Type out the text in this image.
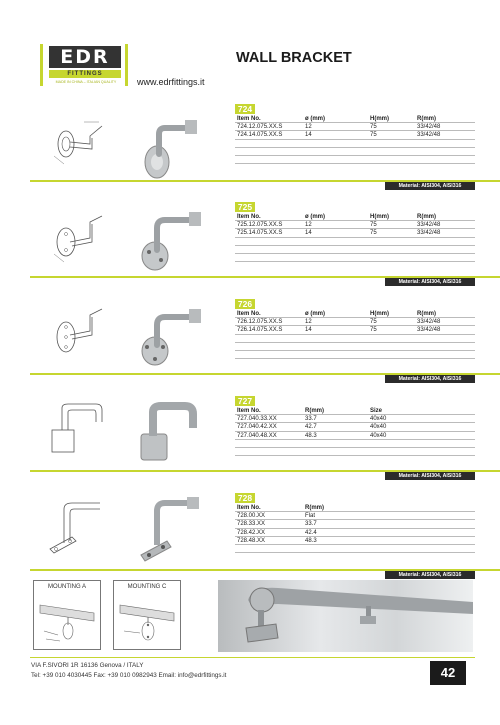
EDR
FITTINGS
MADE IN CHINA – ITALIAN QUALITY	www.edrfittings.it
WALL BRACKET
724
Item No.	ø (mm)	H(mm)	R(mm)
724.12.075.XX.S	12	75	33/42/48
724.14.075.XX.S	14	75	33/42/48
Material: AISI304, AISI316
725
Item No.	ø (mm)	H(mm)	R(mm)
725.12.075.XX.S	12	75	33/42/48
725.14.075.XX.S	14	75	33/42/48
Material: AISI304, AISI316
726
Item No.	ø (mm)	H(mm)	R(mm)
726.12.075.XX.S	12	75	33/42/48
726.14.075.XX.S	14	75	33/42/48
Material: AISI304, AISI316
727
Item No.	R(mm)	Size
727.040.33.XX	33.7	40x40
727.040.42.XX	42.7	40x40
727.040.48.XX	48.3	40x40
Material: AISI304, AISI316
728
Item No.	R(mm)
728.00.XX	Flat
728.33.XX	33.7
728.42.XX	42.4
728.48.XX	48.3
Material: AISI304, AISI316
MOUNTING A	MOUNTING C
VIA F.SIVORI 1R 16136 Genova / ITALY
Tel: +39 010 4030445 Fax: +39 010 0982943 Email: info@edrfittings.it	42
